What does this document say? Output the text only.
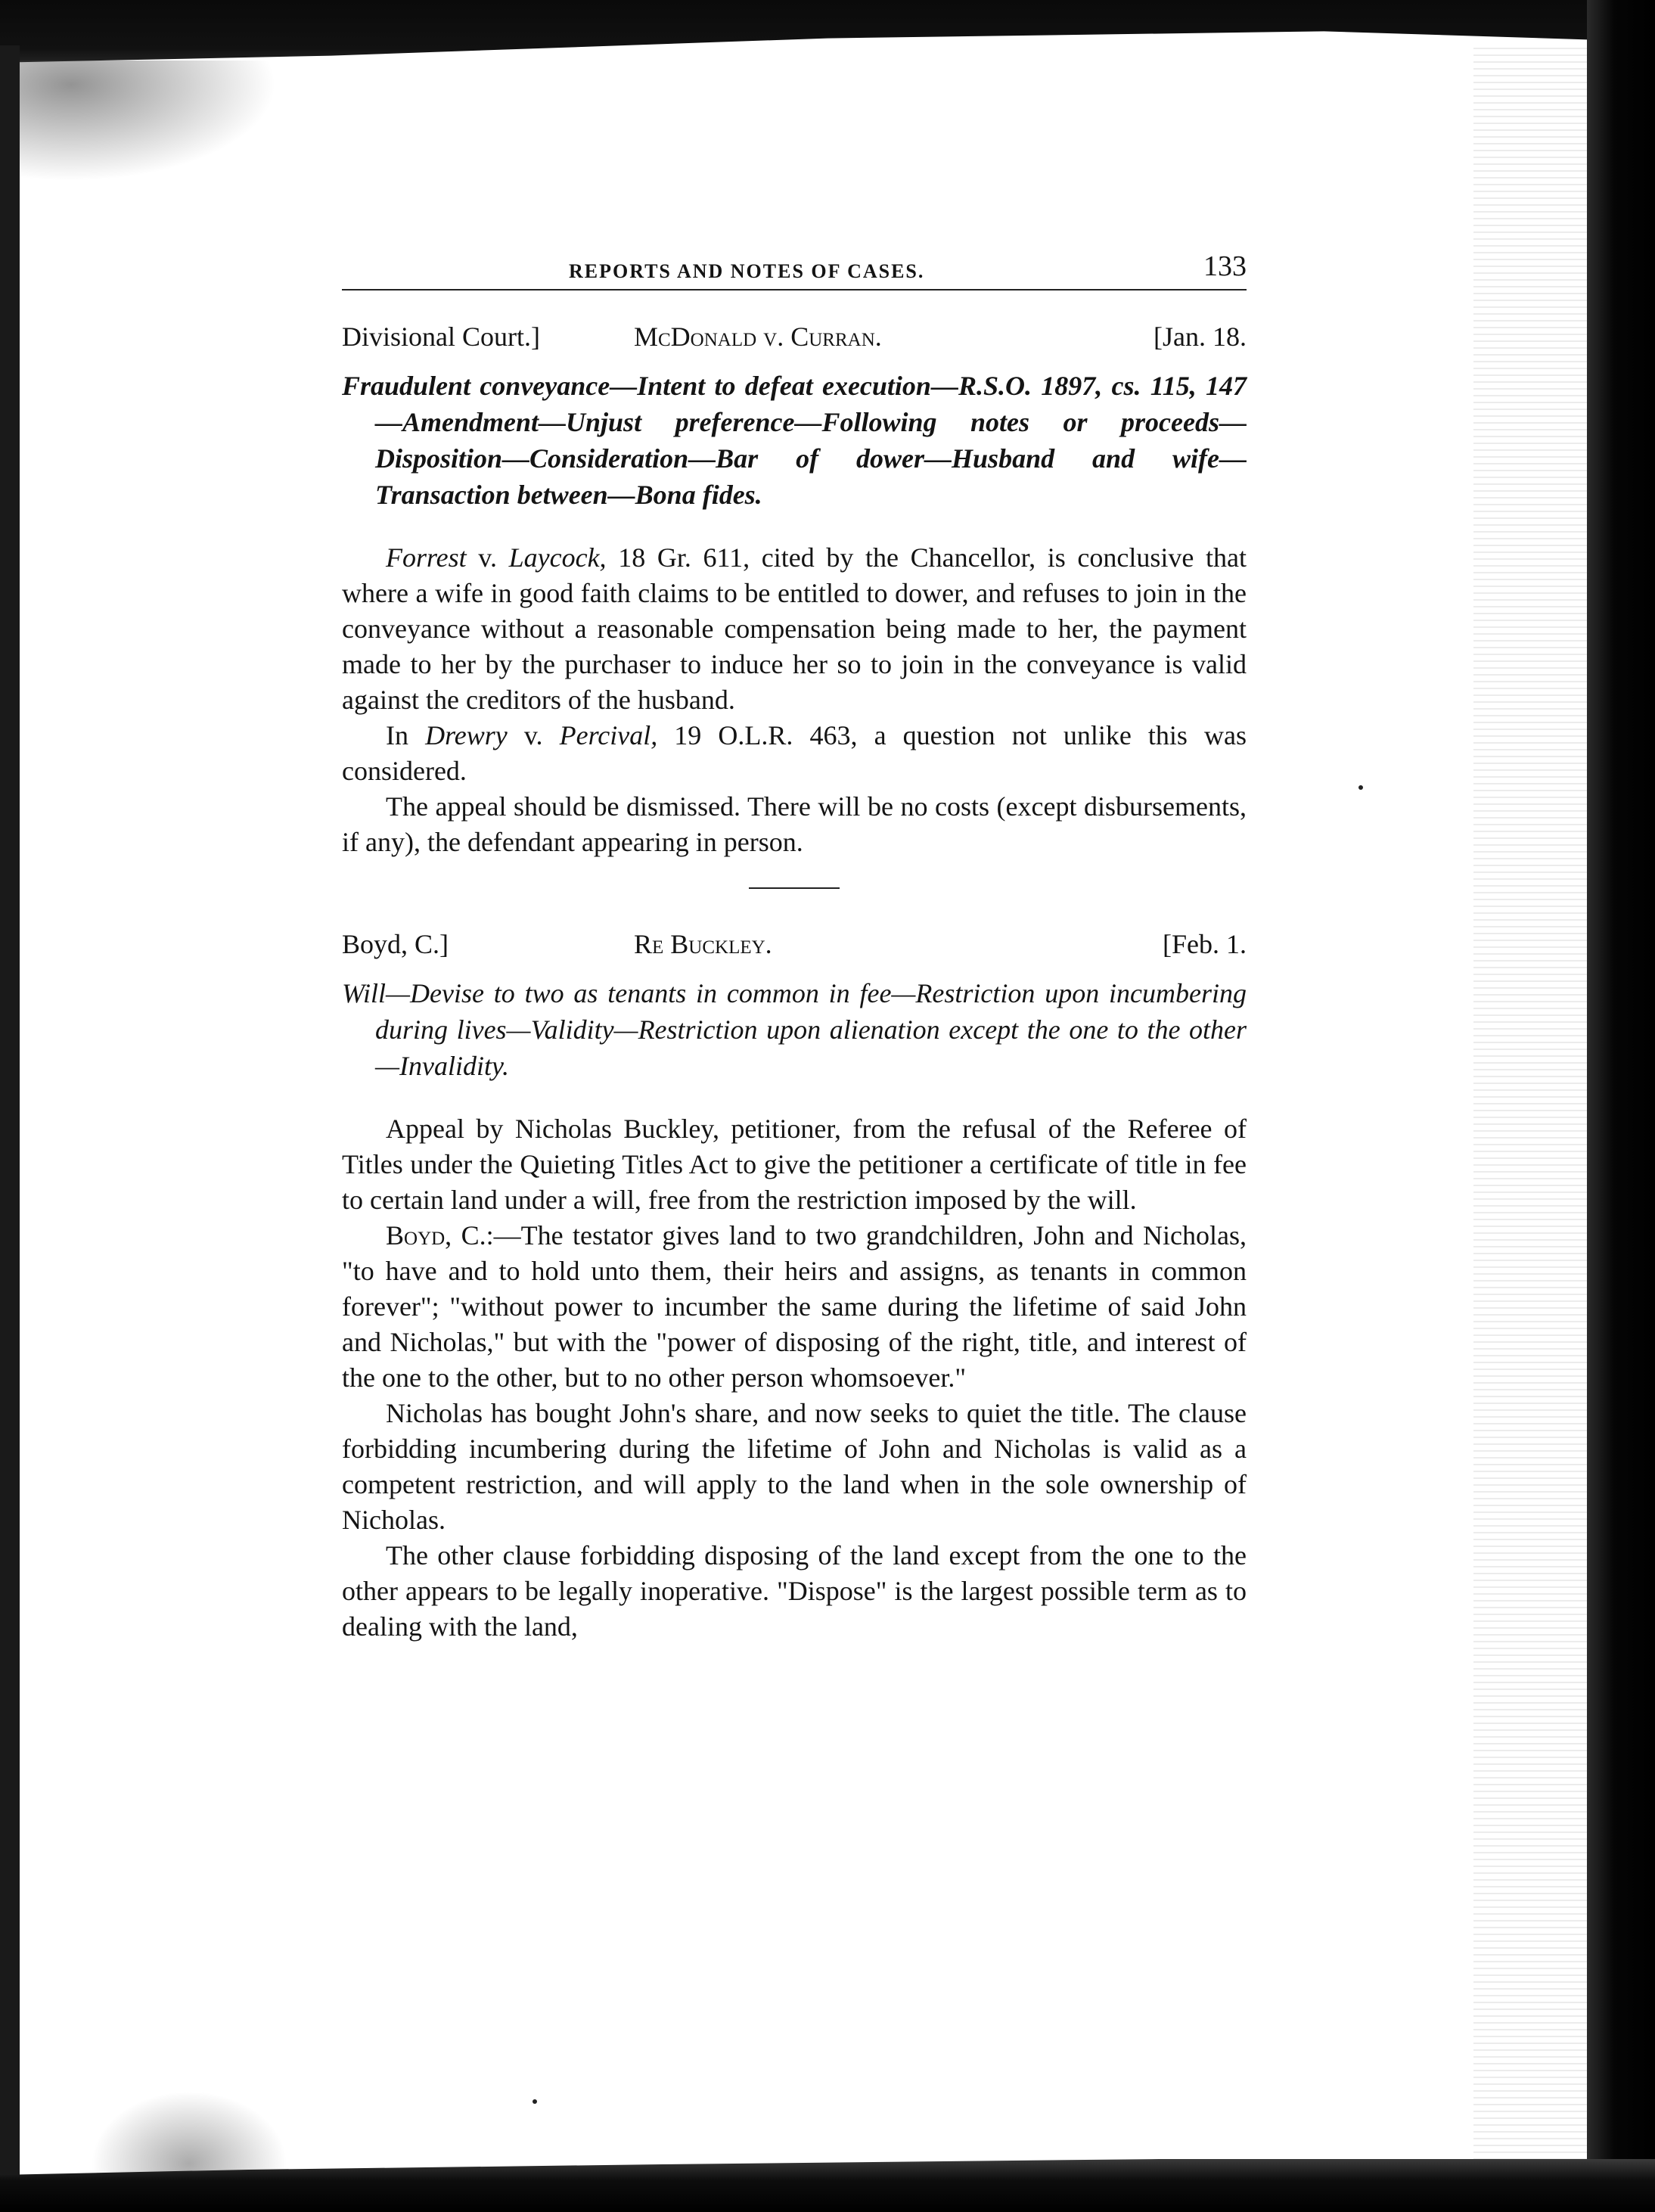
REPORTS AND NOTES OF CASES.	133
Divisional Court.]	McDonald v. Curran.	[Jan. 18.

Fraudulent conveyance—Intent to defeat execution—R.S.O. 1897, cs. 115, 147—Amendment—Unjust preference—Following notes or proceeds—Disposition—Consideration—Bar of dower—Husband and wife—Transaction between—Bona fides.

Forrest v. Laycock, 18 Gr. 611, cited by the Chancellor, is conclusive that where a wife in good faith claims to be entitled to dower, and refuses to join in the conveyance without a reasonable compensation being made to her, the payment made to her by the purchaser to induce her so to join in the conveyance is valid against the creditors of the husband.

In Drewry v. Percival, 19 O.L.R. 463, a question not unlike this was considered.

The appeal should be dismissed. There will be no costs (except disbursements, if any), the defendant appearing in person.

Boyd, C.]	Re Buckley.	[Feb. 1.

Will—Devise to two as tenants in common in fee—Restriction upon incumbering during lives—Validity—Restriction upon alienation except the one to the other—Invalidity.

Appeal by Nicholas Buckley, petitioner, from the refusal of the Referee of Titles under the Quieting Titles Act to give the petitioner a certificate of title in fee to certain land under a will, free from the restriction imposed by the will.

Boyd, C.:—The testator gives land to two grandchildren, John and Nicholas, "to have and to hold unto them, their heirs and assigns, as tenants in common forever"; "without power to incumber the same during the lifetime of said John and Nicholas," but with the "power of disposing of the right, title, and interest of the one to the other, but to no other person whomsoever."

Nicholas has bought John's share, and now seeks to quiet the title. The clause forbidding incumbering during the lifetime of John and Nicholas is valid as a competent restriction, and will apply to the land when in the sole ownership of Nicholas.

The other clause forbidding disposing of the land except from the one to the other appears to be legally inoperative. "Dispose" is the largest possible term as to dealing with the land,
